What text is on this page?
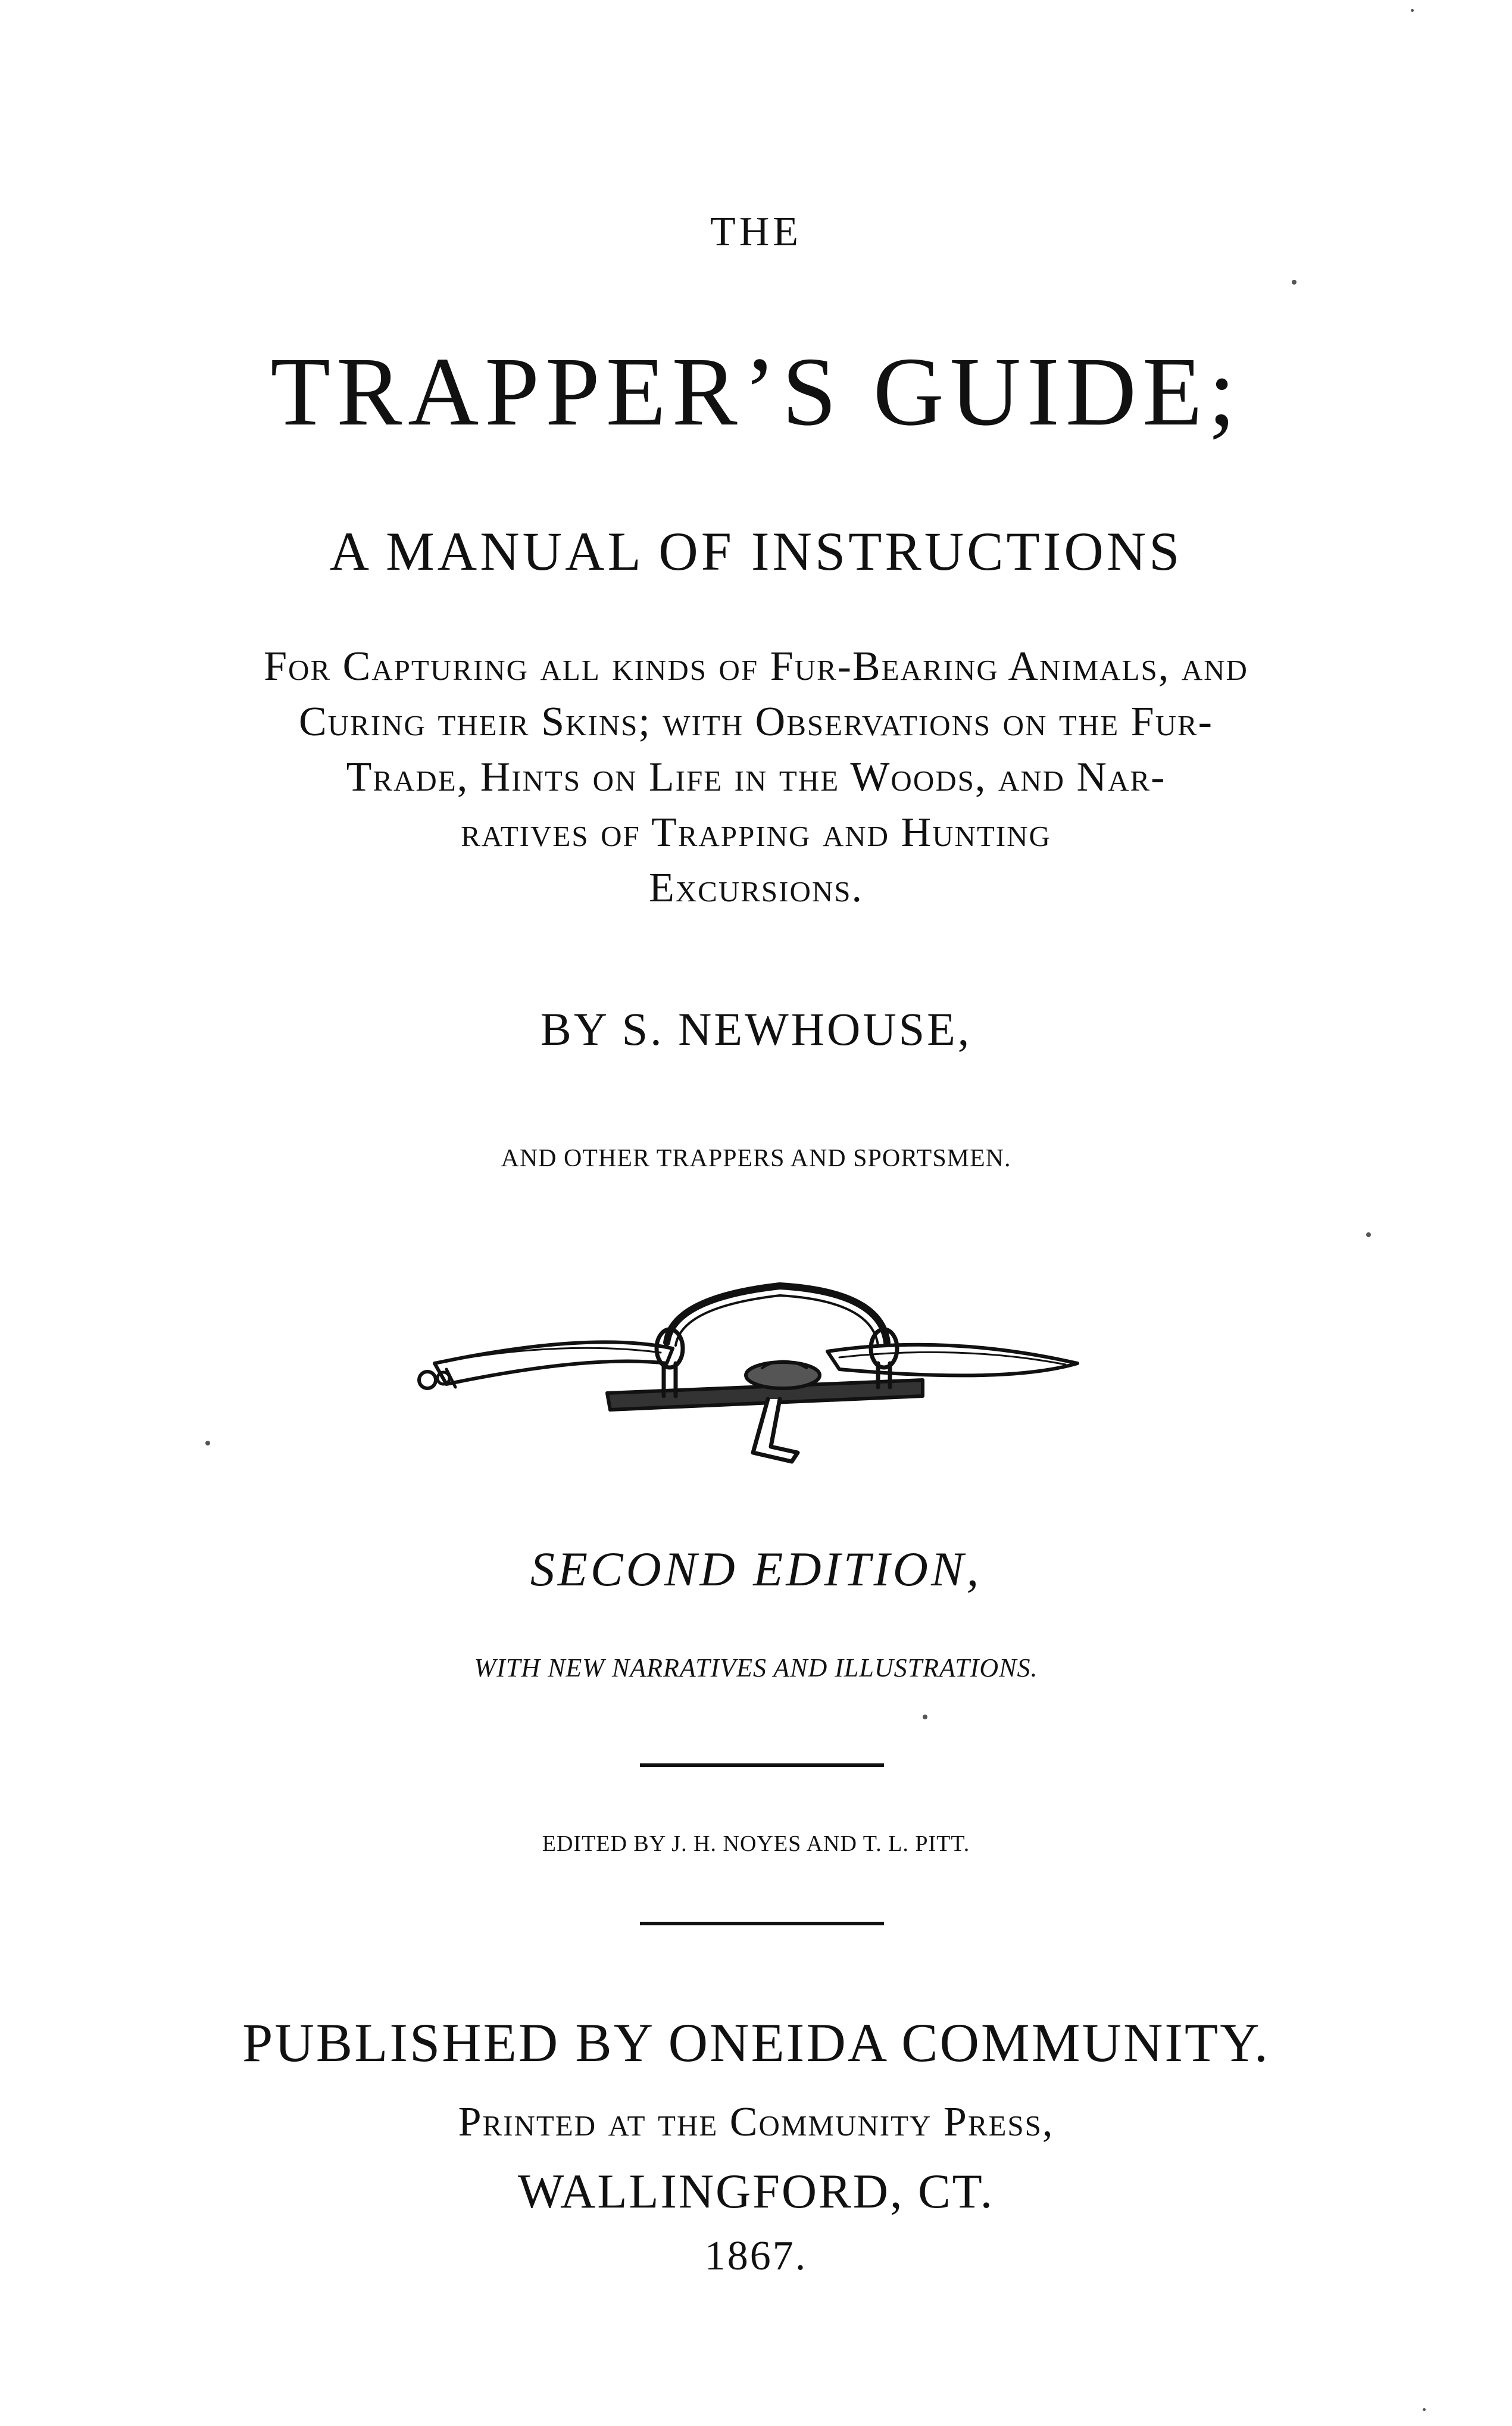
THE
TRAPPER’S GUIDE;
A MANUAL OF INSTRUCTIONS
For Capturing all kinds of Fur-Bearing Animals, and
Curing their Skins; with Observations on the Fur-
Trade, Hints on Life in the Woods, and Nar-
ratives of Trapping and Hunting
Excursions.
BY S. NEWHOUSE,
AND OTHER TRAPPERS AND SPORTSMEN.
SECOND EDITION,
WITH NEW NARRATIVES AND ILLUSTRATIONS.
EDITED BY J. H. NOYES AND T. L. PITT.
PUBLISHED BY ONEIDA COMMUNITY.
Printed at the Community Press,
WALLINGFORD, CT.
1867.
